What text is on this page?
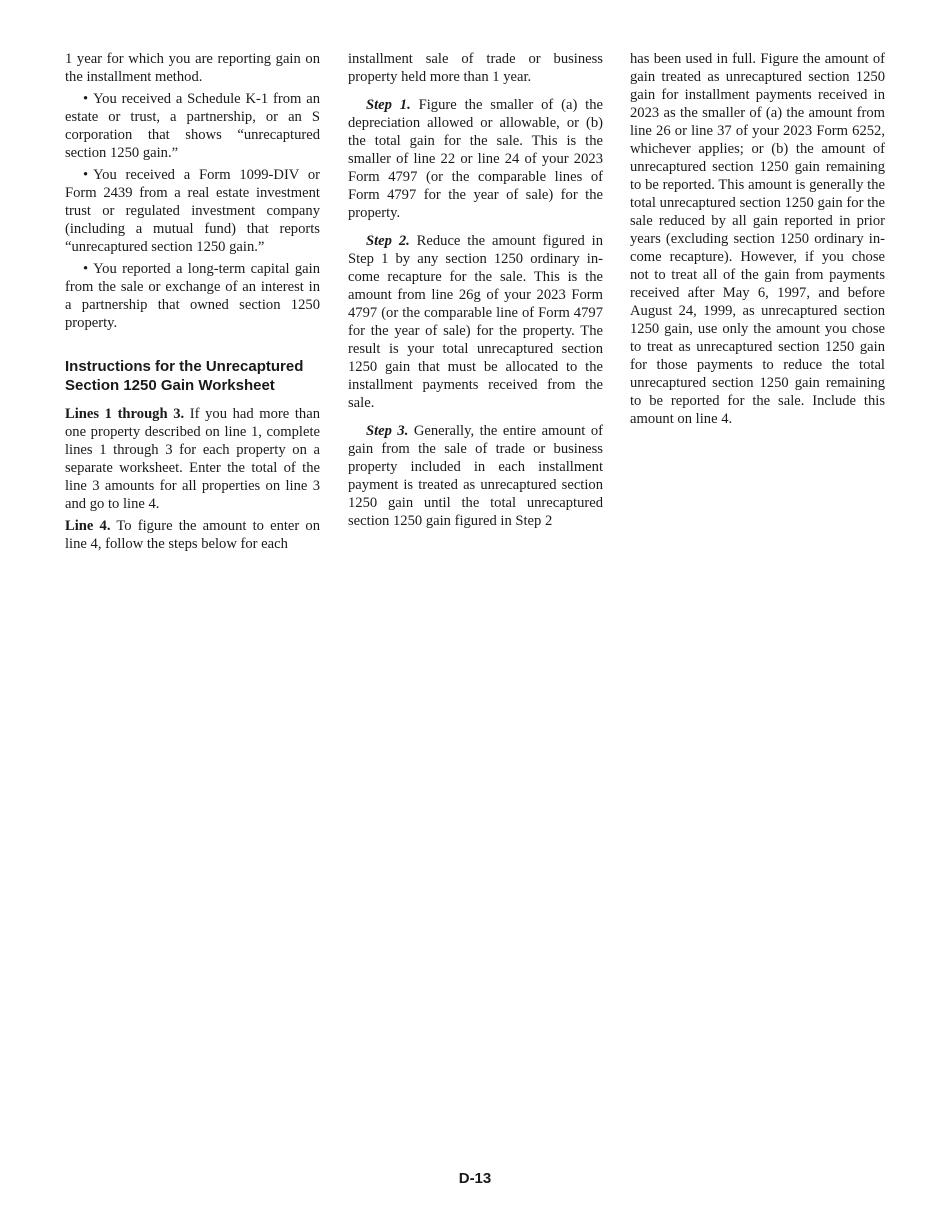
1 year for which you are reporting gain on the installment method.

• You received a Schedule K-1 from an estate or trust, a partnership, or an S corporation that shows “unrecaptured section 1250 gain.”

• You received a Form 1099-DIV or Form 2439 from a real estate investment trust or regulated investment company (including a mutual fund) that reports “unrecaptured section 1250 gain.”

• You reported a long-term capital gain from the sale or exchange of an interest in a partnership that owned section 1250 property.

Instructions for the Unrecaptured Section 1250 Gain Worksheet

Lines 1 through 3. If you had more than one property described on line 1, complete lines 1 through 3 for each property on a separate worksheet. Enter the total of the line 3 amounts for all properties on line 3 and go to line 4.

Line 4. To figure the amount to enter on line 4, follow the steps below for each

installment sale of trade or business property held more than 1 year.

Step 1. Figure the smaller of (a) the depreciation allowed or allowable, or (b) the total gain for the sale. This is the smaller of line 22 or line 24 of your 2023 Form 4797 (or the comparable lines of Form 4797 for the year of sale) for the property.

Step 2. Reduce the amount figured in Step 1 by any section 1250 ordinary income recapture for the sale. This is the amount from line 26g of your 2023 Form 4797 (or the comparable line of Form 4797 for the year of sale) for the property. The result is your total unrecaptured section 1250 gain that must be allocated to the installment payments received from the sale.

Step 3. Generally, the entire amount of gain from the sale of trade or business property included in each installment payment is treated as unrecaptured section 1250 gain until the total unrecaptured section 1250 gain figured in Step 2

has been used in full. Figure the amount of gain treated as unrecaptured section 1250 gain for installment payments received in 2023 as the smaller of (a) the amount from line 26 or line 37 of your 2023 Form 6252, whichever applies; or (b) the amount of unrecaptured section 1250 gain remaining to be reported. This amount is generally the total unrecaptured section 1250 gain for the sale reduced by all gain reported in prior years (excluding section 1250 ordinary income recapture). However, if you chose not to treat all of the gain from payments received after May 6, 1997, and before August 24, 1999, as unrecaptured section 1250 gain, use only the amount you chose to treat as unrecaptured section 1250 gain for those payments to reduce the total unrecaptured section 1250 gain remaining to be reported for the sale. Include this amount on line 4.

D-13
